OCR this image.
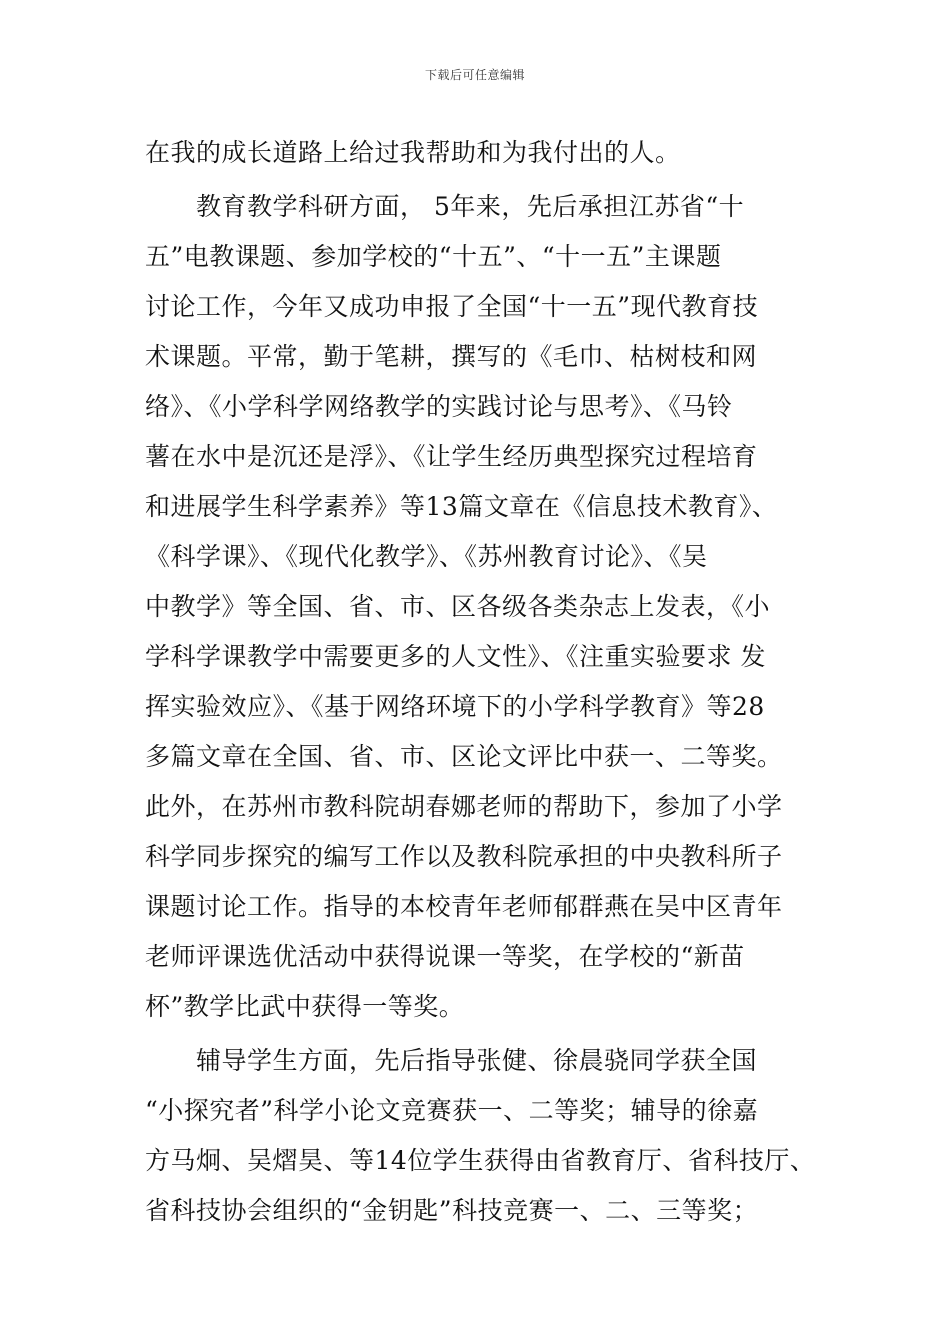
下载后可任意编辑
在我的成长道路上给过我帮助和为我付出的人。
　　教育教学科研方面， 5年来，先后承担江苏省“十
五”电教课题、参加学校的“十五”、“十一五”主课题
讨论工作，今年又成功申报了全国“十一五”现代教育技
术课题。平常，勤于笔耕，撰写的《毛巾、枯树枝和网
络》、《小学科学网络教学的实践讨论与思考》、《马铃
薯在水中是沉还是浮》、《让学生经历典型探究过程培育
和进展学生科学素养》等13篇文章在《信息技术教育》、
《科学课》、《现代化教学》、《苏州教育讨论》、《吴
中教学》等全国、省、市、区各级各类杂志上发表，《小
学科学课教学中需要更多的人文性》、《注重实验要求 发
挥实验效应》、《基于网络环境下的小学科学教育》等28
多篇文章在全国、省、市、区论文评比中获一、二等奖。
此外，在苏州市教科院胡春娜老师的帮助下，参加了小学
科学同步探究的编写工作以及教科院承担的中央教科所子
课题讨论工作。指导的本校青年老师郁群燕在吴中区青年
老师评课选优活动中获得说课一等奖，在学校的“新苗
杯”教学比武中获得一等奖。
　　辅导学生方面，先后指导张健、徐晨骁同学获全国
“小探究者”科学小论文竞赛获一、二等奖；辅导的徐嘉
方马炯、吴熠昊、等14位学生获得由省教育厅、省科技厅、
省科技协会组织的“金钥匙”科技竞赛一、二、三等奖；
